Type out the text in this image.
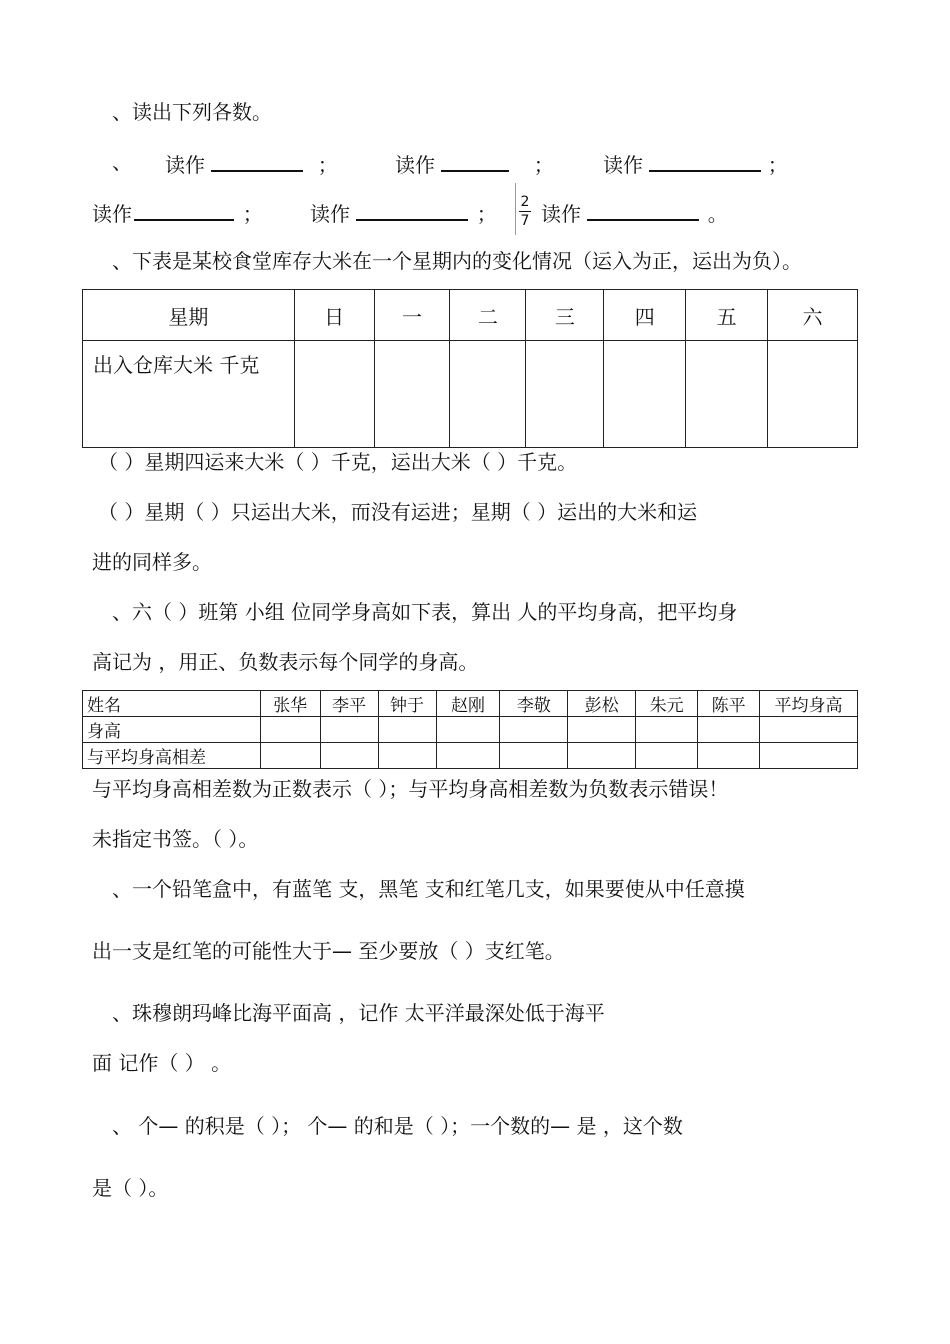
、读出下列各数。
、 读作	；	读作	； 读作	；
读作	； 读作	； 2
7 读作	。
、下表是某校食堂库存大米在一个星期内的变化情况（运入为正，运出为负）。
星期	日	一	二	三	四	五	六
出入仓库大米 千克							
（ ）星期四运来大米（ ）千克，运出大米（ ）千克。
（ ）星期（ ）只运出大米，而没有运进；星期（ ）运出的大米和运
进的同样多。
、六（ ）班第 小组 位同学身高如下表，算出 人的平均身高，把平均身
高记为 ，用正、负数表示每个同学的身高。
姓名	张华	李平	钟于	赵刚	李敬	彭松	朱元	陈平	平均身高
身高									
与平均身高相差									
与平均身高相差数为正数表示（ ）；与平均身高相差数为负数表示错误！
未指定书签。（ ）。
、一个铅笔盒中，有蓝笔 支，黑笔 支和红笔几支，如果要使从中任意摸
出一支是红笔的可能性大于— 至少要放（ ）支红笔。
、珠穆朗玛峰比海平面高 ，记作 太平洋最深处低于海平
面 记作（ ） 。
、 个— 的积是（ ）； 个— 的和是（ ）；一个数的— 是 ，这个数
是（ ）。
